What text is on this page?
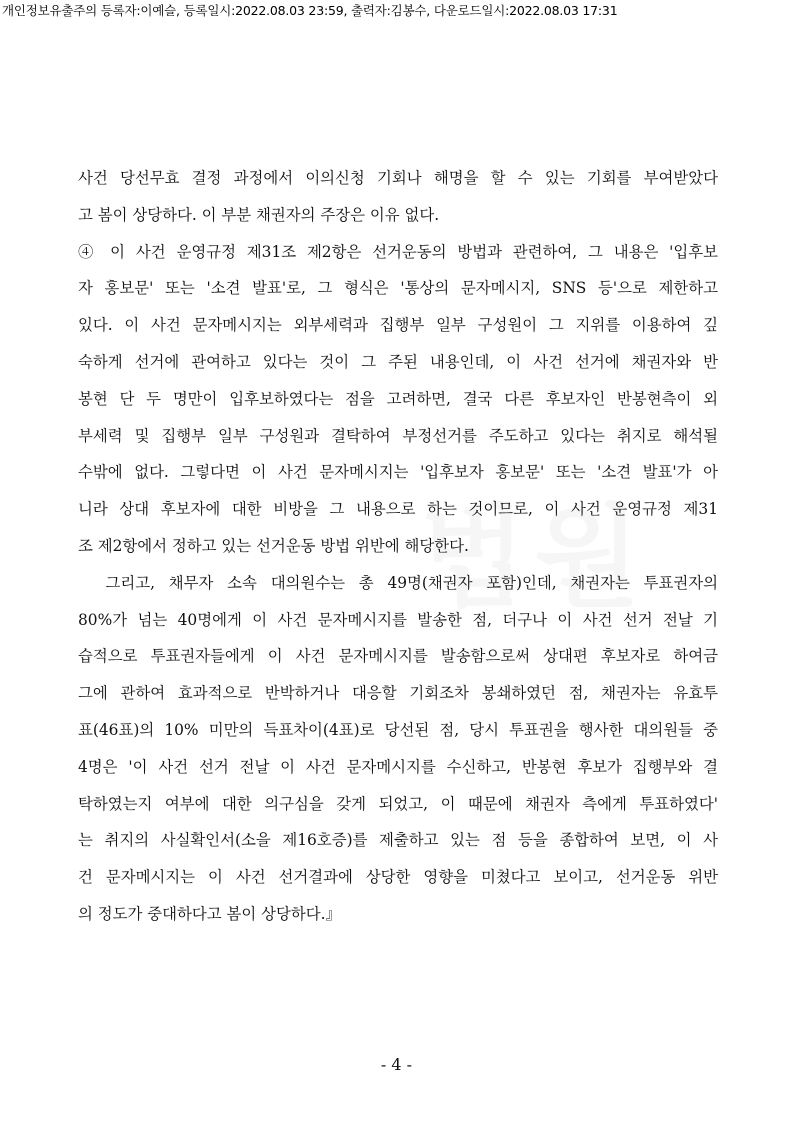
개인정보유출주의 등록자:이예슬, 등록일시:2022.08.03 23:59, 출력자:김봉수, 다운로드일시:2022.08.03 17:31
사건 당선무효 결정 과정에서 이의신청 기회나 해명을 할 수 있는 기회를 부여받았다
고 봄이 상당하다. 이 부분 채권자의 주장은 이유 없다.
④ 이 사건 운영규정 제31조 제2항은 선거운동의 방법과 관련하여, 그 내용은 '입후보
자 홍보문' 또는 '소견 발표'로, 그 형식은 '통상의 문자메시지, SNS 등'으로 제한하고
있다. 이 사건 문자메시지는 외부세력과 집행부 일부 구성원이 그 지위를 이용하여 깊
숙하게 선거에 관여하고 있다는 것이 그 주된 내용인데, 이 사건 선거에 채권자와 반
봉현 단 두 명만이 입후보하였다는 점을 고려하면, 결국 다른 후보자인 반봉현측이 외
부세력 및 집행부 일부 구성원과 결탁하여 부정선거를 주도하고 있다는 취지로 해석될
수밖에 없다. 그렇다면 이 사건 문자메시지는 '입후보자 홍보문' 또는 '소견 발표'가 아
니라 상대 후보자에 대한 비방을 그 내용으로 하는 것이므로, 이 사건 운영규정 제31
조 제2항에서 정하고 있는 선거운동 방법 위반에 해당한다.
그리고, 채무자 소속 대의원수는 총 49명(채권자 포함)인데, 채권자는 투표권자의
80%가 넘는 40명에게 이 사건 문자메시지를 발송한 점, 더구나 이 사건 선거 전날 기
습적으로 투표권자들에게 이 사건 문자메시지를 발송함으로써 상대편 후보자로 하여금
그에 관하여 효과적으로 반박하거나 대응할 기회조차 봉쇄하였던 점, 채권자는 유효투
표(46표)의 10% 미만의 득표차이(4표)로 당선된 점, 당시 투표권을 행사한 대의원들 중
4명은 '이 사건 선거 전날 이 사건 문자메시지를 수신하고, 반봉현 후보가 집행부와 결
탁하였는지 여부에 대한 의구심을 갖게 되었고, 이 때문에 채권자 측에게 투표하였다'
는 취지의 사실확인서(소을 제16호증)를 제출하고 있는 점 등을 종합하여 보면, 이 사
건 문자메시지는 이 사건 선거결과에 상당한 영향을 미쳤다고 보이고, 선거운동 위반
의 정도가 중대하다고 봄이 상당하다.』
- 4 -
